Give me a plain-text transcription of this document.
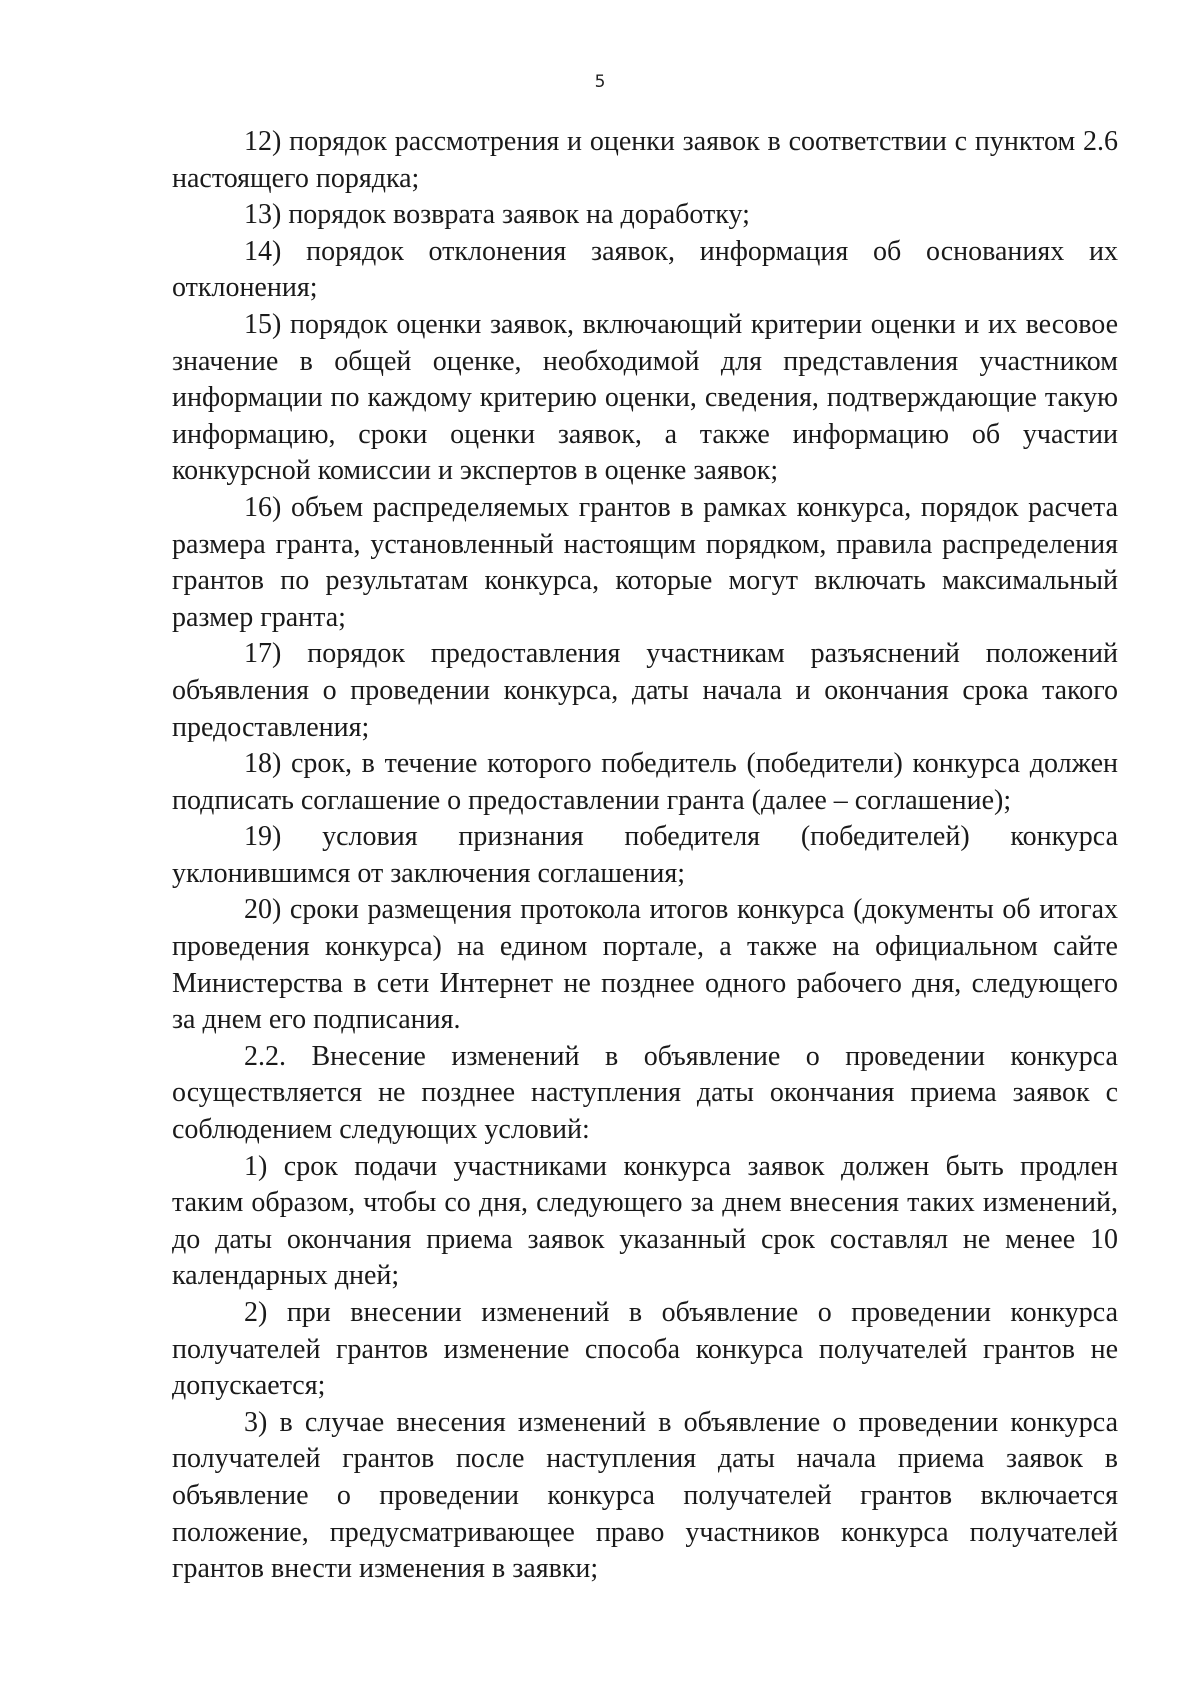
5

12) порядок рассмотрения и оценки заявок в соответствии с пунктом 2.6 настоящего порядка;

13) порядок возврата заявок на доработку;

14) порядок отклонения заявок, информация об основаниях их отклонения;

15) порядок оценки заявок, включающий критерии оценки и их весовое значение в общей оценке, необходимой для представления участником информации по каждому критерию оценки, сведения, подтверждающие такую информацию, сроки оценки заявок, а также информацию об участии конкурсной комиссии и экспертов в оценке заявок;

16) объем распределяемых грантов в рамках конкурса, порядок расчета размера гранта, установленный настоящим порядком, правила распределения грантов по результатам конкурса, которые могут включать максимальный размер гранта;

17) порядок предоставления участникам разъяснений положений объявления о проведении конкурса, даты начала и окончания срока такого предоставления;

18) срок, в течение которого победитель (победители) конкурса должен подписать соглашение о предоставлении гранта (далее – соглашение);

19) условия признания победителя (победителей) конкурса уклонившимся от заключения соглашения;

20) сроки размещения протокола итогов конкурса (документы об итогах проведения конкурса) на едином портале, а также на официальном сайте Министерства в сети Интернет не позднее одного рабочего дня, следующего за днем его подписания.

2.2. Внесение изменений в объявление о проведении конкурса осуществляется не позднее наступления даты окончания приема заявок с соблюдением следующих условий:

1) срок подачи участниками конкурса заявок должен быть продлен таким образом, чтобы со дня, следующего за днем внесения таких изменений, до даты окончания приема заявок указанный срок составлял не менее 10 календарных дней;

2) при внесении изменений в объявление о проведении конкурса получателей грантов изменение способа конкурса получателей грантов не допускается;

3) в случае внесения изменений в объявление о проведении конкурса получателей грантов после наступления даты начала приема заявок в объявление о проведении конкурса получателей грантов включается положение, предусматривающее право участников конкурса получателей грантов внести изменения в заявки;
